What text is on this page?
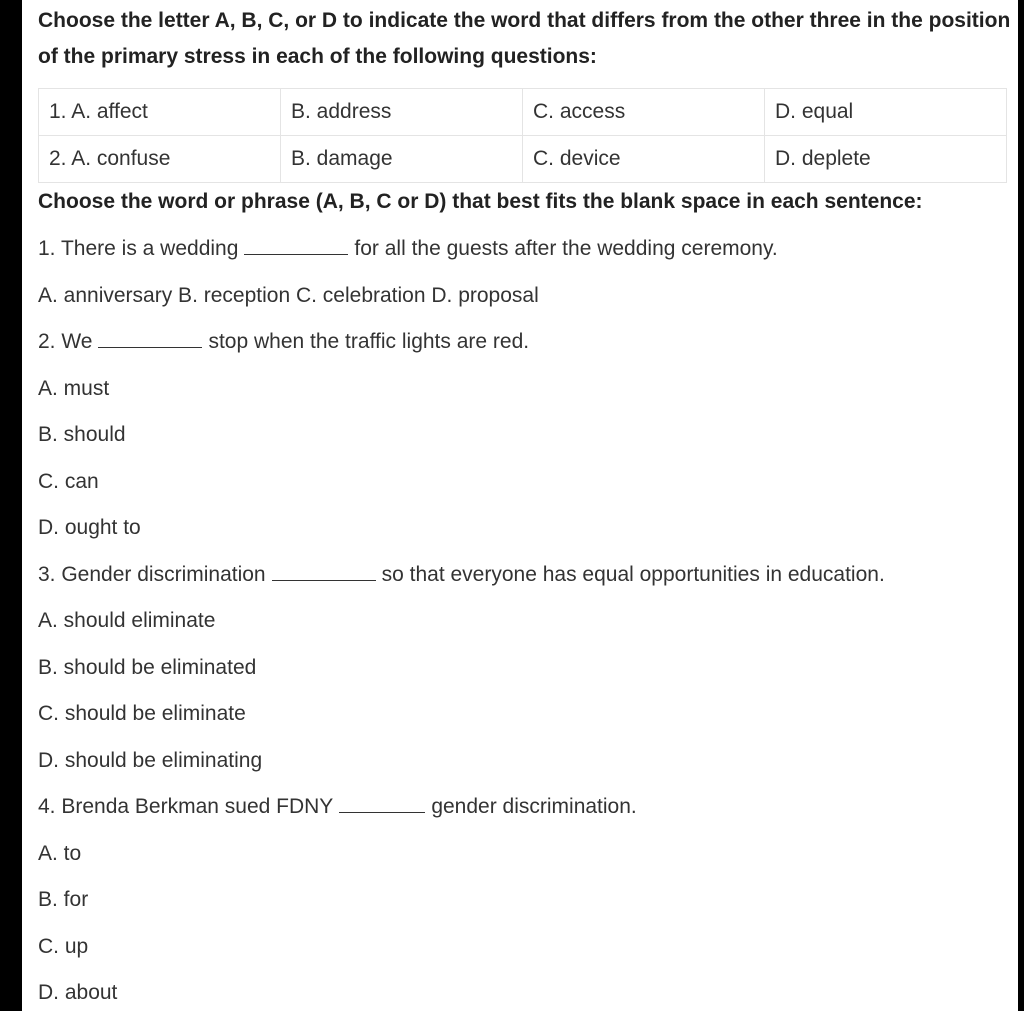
Choose the letter A, B, C, or D to indicate the word that differs from the other three in the position of the primary stress in each of the following questions:
1. A. affect	B. address	C. access	D. equal
2. A. confuse	B. damage	C. device	D. deplete
Choose the word or phrase (A, B, C or D) that best fits the blank space in each sentence:
1. There is a wedding	for all the guests after the wedding ceremony.
A. anniversary B. reception C. celebration D. proposal
2. We	stop when the traffic lights are red.
A. must
B. should
C. can
D. ought to
3. Gender discrimination	so that everyone has equal opportunities in education.
A. should eliminate
B. should be eliminated
C. should be eliminate
D. should be eliminating
4. Brenda Berkman sued FDNY	gender discrimination.
A. to
B. for
C. up
D. about
